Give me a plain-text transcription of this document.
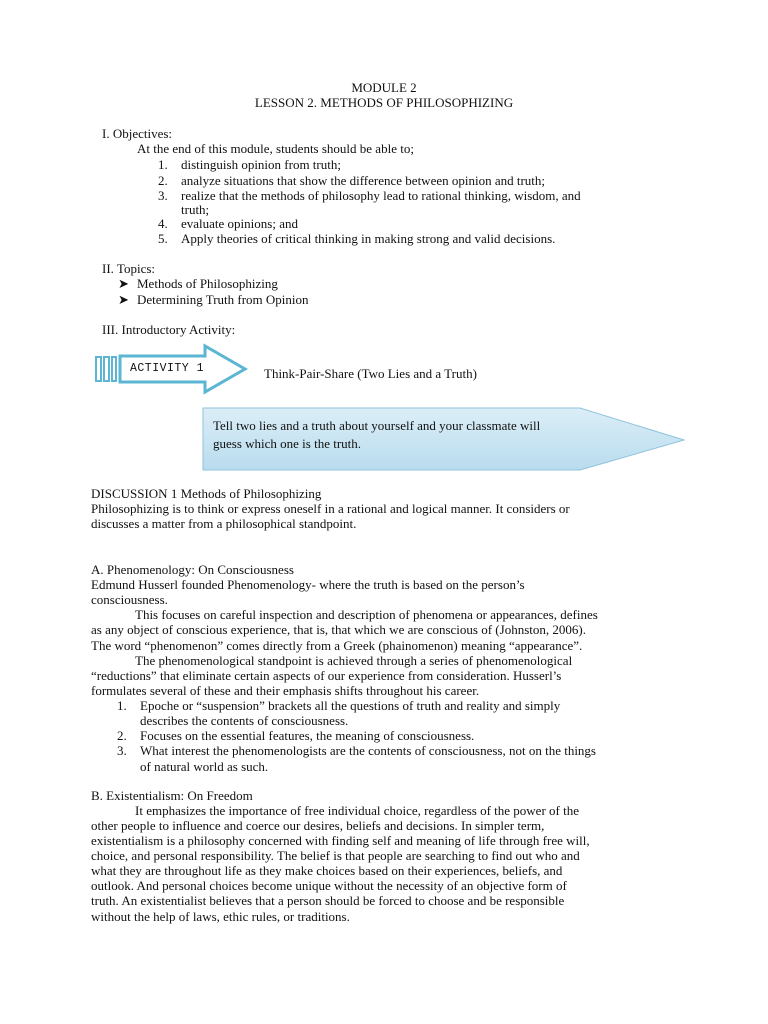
MODULE 2
LESSON 2. METHODS OF PHILOSOPHIZING
I. Objectives:
At the end of this module, students should be able to;
1. distinguish opinion from truth;
2. analyze situations that show the difference between opinion and truth;
3. realize that the methods of philosophy lead to rational thinking, wisdom, and
truth;
4. evaluate opinions; and
5. Apply theories of critical thinking in making strong and valid decisions.
II. Topics:
➤ Methods of Philosophizing
➤ Determining Truth from Opinion
III. Introductory Activity:
ACTIVITY 1	Think-Pair-Share (Two Lies and a Truth)
Tell two lies and a truth about yourself and your classmate will
guess which one is the truth.
DISCUSSION 1 Methods of Philosophizing
Philosophizing is to think or express oneself in a rational and logical manner. It considers or
discusses a matter from a philosophical standpoint.
A. Phenomenology: On Consciousness
Edmund Husserl founded Phenomenology- where the truth is based on the person’s
consciousness.
This focuses on careful inspection and description of phenomena or appearances, defines
as any object of conscious experience, that is, that which we are conscious of (Johnston, 2006).
The word “phenomenon” comes directly from a Greek (phainomenon) meaning “appearance”.
The phenomenological standpoint is achieved through a series of phenomenological
“reductions” that eliminate certain aspects of our experience from consideration. Husserl’s
formulates several of these and their emphasis shifts throughout his career.
1. Epoche or “suspension” brackets all the questions of truth and reality and simply
describes the contents of consciousness.
2. Focuses on the essential features, the meaning of consciousness.
3. What interest the phenomenologists are the contents of consciousness, not on the things
of natural world as such.
B. Existentialism: On Freedom
It emphasizes the importance of free individual choice, regardless of the power of the
other people to influence and coerce our desires, beliefs and decisions. In simpler term,
existentialism is a philosophy concerned with finding self and meaning of life through free will,
choice, and personal responsibility. The belief is that people are searching to find out who and
what they are throughout life as they make choices based on their experiences, beliefs, and
outlook. And personal choices become unique without the necessity of an objective form of
truth. An existentialist believes that a person should be forced to choose and be responsible
without the help of laws, ethic rules, or traditions.
